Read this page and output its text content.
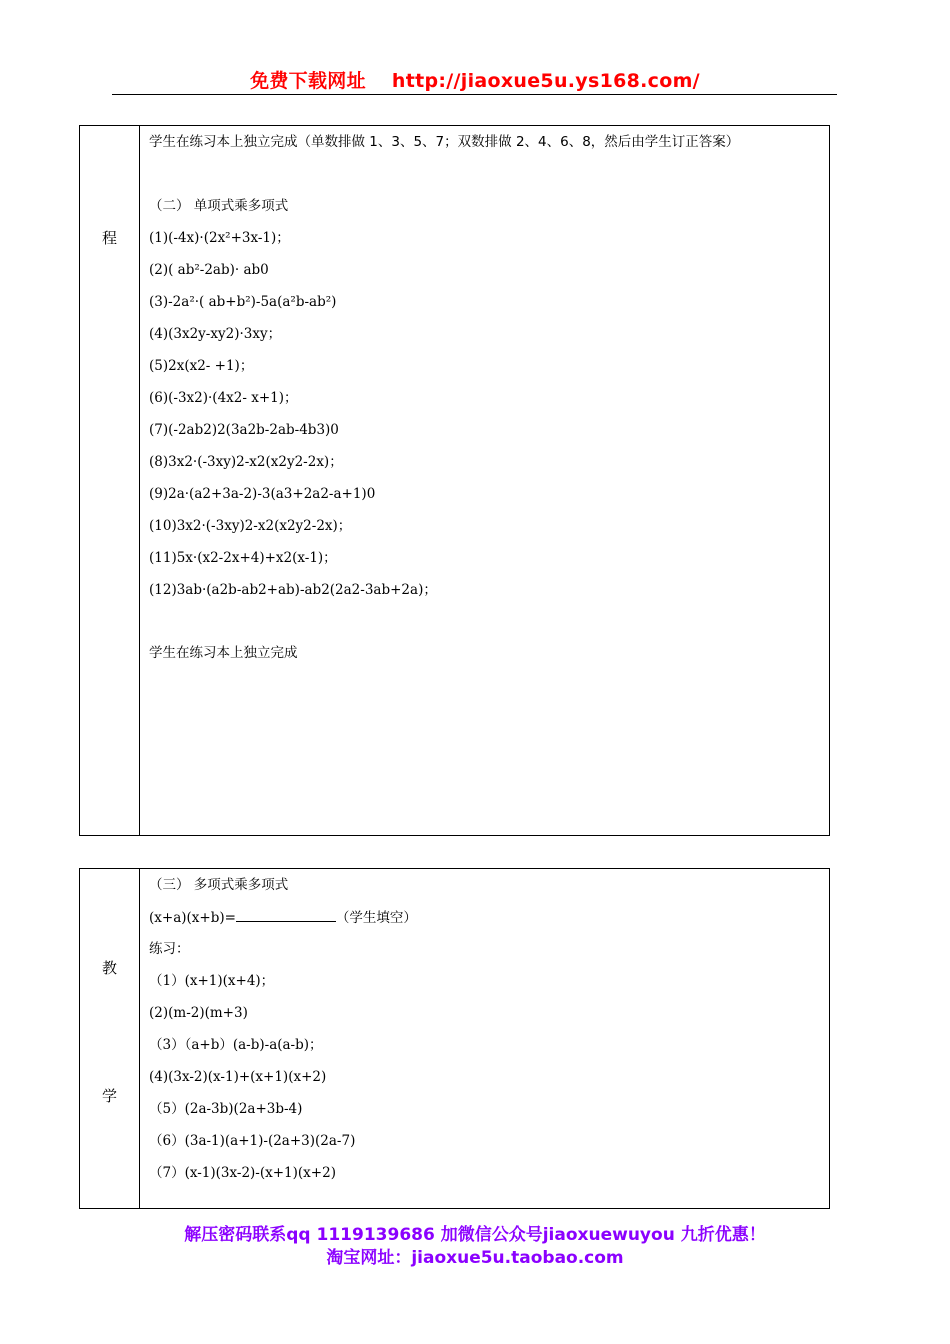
免费下载网址 http://jiaoxue5u.ys168.com/
程
学生在练习本上独立完成（单数排做 1、3、5、7；双数排做 2、4、6、8，然后由学生订正答案）
（二） 单项式乘多项式
(1)(-4x)·(2x²+3x-1)；
(2)( ab²-2ab)· ab0
(3)-2a²·( ab+b²)-5a(a²b-ab²)
(4)(3x2y-xy2)·3xy；
(5)2x(x2- +1)；
(6)(-3x2)·(4x2- x+1)；
(7)(-2ab2)2(3a2b-2ab-4b3)0
(8)3x2·(-3xy)2-x2(x2y2-2x)；
(9)2a·(a2+3a-2)-3(a3+2a2-a+1)0
(10)3x2·(-3xy)2-x2(x2y2-2x)；
(11)5x·(x2-2x+4)+x2(x-1)；
(12)3ab·(a2b-ab2+ab)-ab2(2a2-3ab+2a)；
学生在练习本上独立完成
教
学
（三） 多项式乘多项式
(x+a)(x+b)=	（学生填空）
练习：
（1）(x+1)(x+4)；
(2)(m-2)(m+3)
（3）（a+b）(a-b)-a(a-b)；
(4)(3x-2)(x-1)+(x+1)(x+2)
（5）(2a-3b)(2a+3b-4)
（6）(3a-1)(a+1)-(2a+3)(2a-7)
（7）(x-1)(3x-2)-(x+1)(x+2)
解压密码联系qq 1119139686 加微信公众号jiaoxuewuyou 九折优惠！
淘宝网址：jiaoxue5u.taobao.com
